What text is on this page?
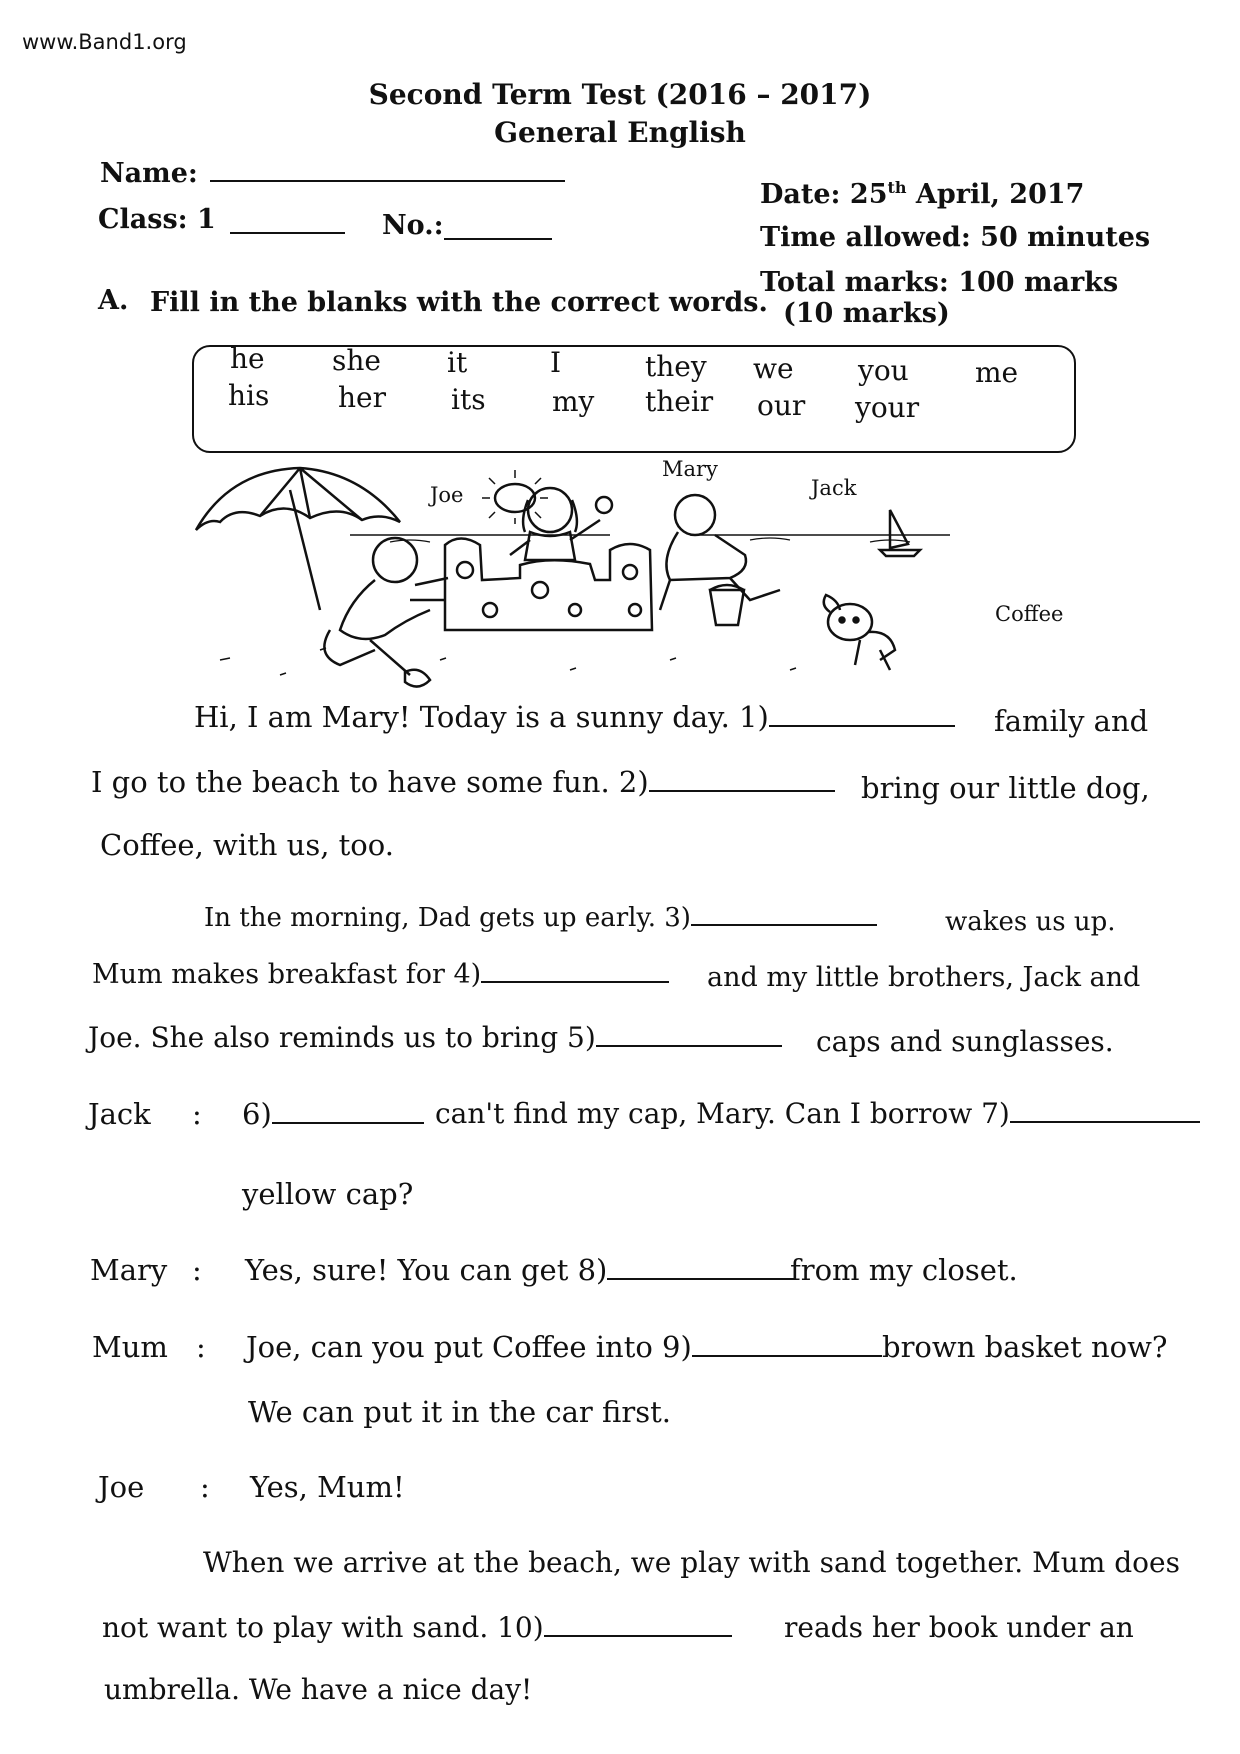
www.Band1.org
Second Term Test (2016 – 2017)
General English
Name:
Class: 1	No.:
Date: 25th April, 2017
Time allowed: 50 minutes
Total marks: 100 marks
A. Fill in the blanks with the correct words. (10 marks)
he she it	I	they we you me
his her its my their our your
Joe
Mary
Jack
Coffee
Hi, I am Mary! Today is a sunny day. 1)	family and
I go to the beach to have some fun. 2)	bring our little dog,
Coffee, with us, too.
In the morning, Dad gets up early. 3)	wakes us up.
Mum makes breakfast for 4)	and my little brothers, Jack and
Joe. She also reminds us to bring 5)	caps and sunglasses.
Jack : 6)	can't find my cap, Mary. Can I borrow 7)
yellow cap?
Mary : Yes, sure! You can get 8)	from my closet.
Mum : Joe, can you put Coffee into 9)	brown basket now?
We can put it in the car first.
Joe : Yes, Mum!
When we arrive at the beach, we play with sand together. Mum does
not want to play with sand. 10)	reads her book under an
umbrella. We have a nice day!
